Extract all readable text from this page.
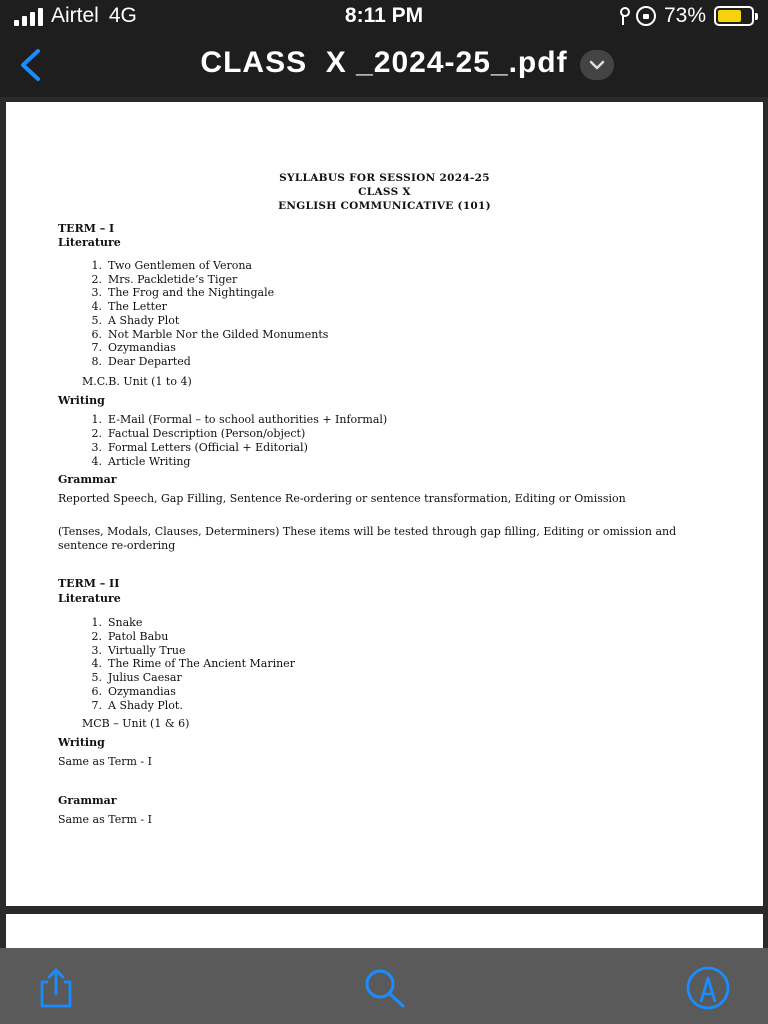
Airtel 4G	8:11 PM	73%
CLASS  X _2024-25_.pdf
SYLLABUS FOR SESSION 2024-25
CLASS X
ENGLISH COMMUNICATIVE (101)
TERM – I
Literature
1. Two Gentlemen of Verona
2. Mrs. Packletide’s Tiger
3. The Frog and the Nightingale
4. The Letter
5. A Shady Plot
6. Not Marble Nor the Gilded Monuments
7. Ozymandias
8. Dear Departed
M.C.B. Unit (1 to 4)
Writing
1. E-Mail (Formal – to school authorities + Informal)
2. Factual Description (Person/object)
3. Formal Letters (Official + Editorial)
4. Article Writing
Grammar
Reported Speech, Gap Filling, Sentence Re-ordering or sentence transformation, Editing or Omission
(Tenses, Modals, Clauses, Determiners) These items will be tested through gap filling, Editing or omission and sentence re-ordering
TERM – II
Literature
1. Snake
2. Patol Babu
3. Virtually True
4. The Rime of The Ancient Mariner
5. Julius Caesar
6. Ozymandias
7. A Shady Plot.
MCB – Unit (1 & 6)
Writing
Same as Term - I
Grammar
Same as Term - I
